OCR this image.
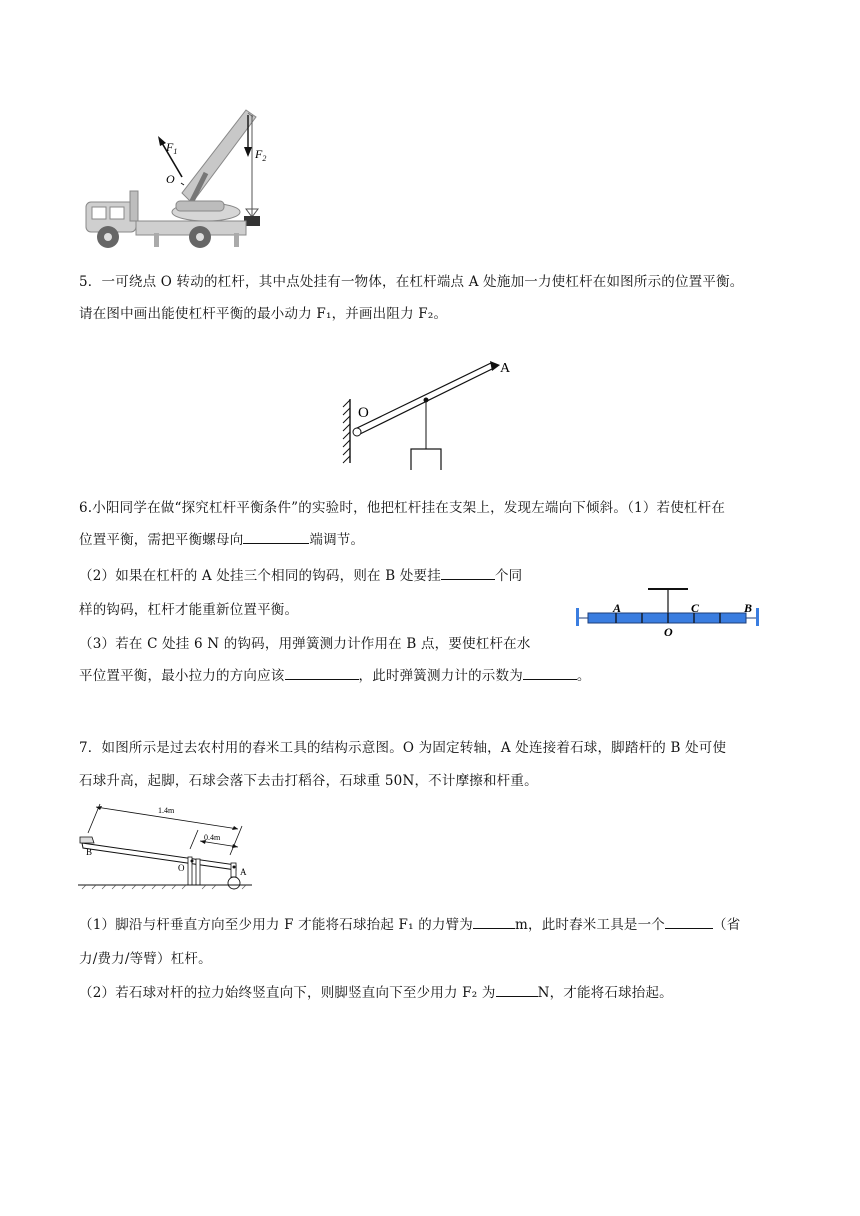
$F_1$	$F_2$
O
5．一可绕点 O 转动的杠杆，其中点处挂有一物体，在杠杆端点 A 处施加一力使杠杆在如图所示的位置平衡。
请在图中画出能使杠杆平衡的最小动力 F₁，并画出阻力 F₂。
O
A
6.小阳同学在做“探究杠杆平衡条件”的实验时，他把杠杆挂在支架上，发现左端向下倾斜。（1）若使杠杆在
位置平衡，需把平衡螺母向	端调节。
（2）如果在杠杆的 A 处挂三个相同的钩码，则在 B 处要挂	个同
样的钩码，杠杆才能重新位置平衡。
（3）若在 C 处挂 6 N 的钩码，用弹簧测力计作用在 B 点，要使杠杆在水
平位置平衡，最小拉力的方向应该	，此时弹簧测力计的示数为	。
A	C	B
O
7．如图所示是过去农村用的舂米工具的结构示意图。O 为固定转轴，A 处连接着石球，脚踏杆的 B 处可使
石球升高，起脚，石球会落下去击打稻谷，石球重 50N，不计摩擦和杆重。
1.4m
0.4m
B
O	A
（1）脚沿与杆垂直方向至少用力 F 才能将石球抬起 F₁ 的力臂为	m，此时舂米工具是一个	（省
力/费力/等臂）杠杆。
（2）若石球对杆的拉力始终竖直向下，则脚竖直向下至少用力 F₂ 为	N，才能将石球抬起。
